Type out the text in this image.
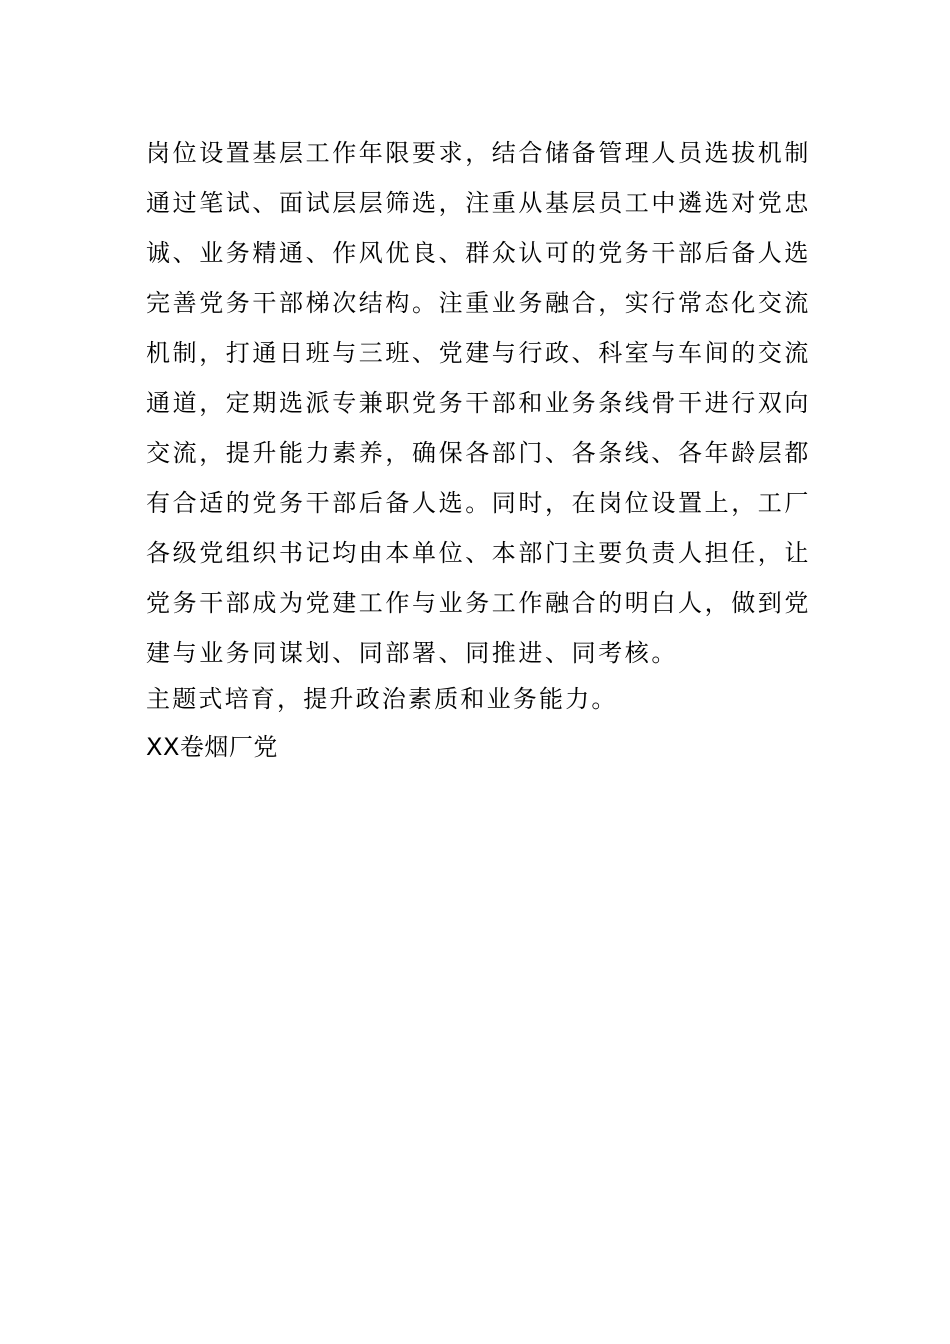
岗位设置基层工作年限要求，结合储备管理人员选拔机制
通过笔试、面试层层筛选，注重从基层员工中遴选对党忠
诚、业务精通、作风优良、群众认可的党务干部后备人选
完善党务干部梯次结构。注重业务融合，实行常态化交流
机制，打通日班与三班、党建与行政、科室与车间的交流
通道，定期选派专兼职党务干部和业务条线骨干进行双向
交流，提升能力素养，确保各部门、各条线、各年龄层都
有合适的党务干部后备人选。同时，在岗位设置上，工厂
各级党组织书记均由本单位、本部门主要负责人担任，让
党务干部成为党建工作与业务工作融合的明白人，做到党
建与业务同谋划、同部署、同推进、同考核。
主题式培育，提升政治素质和业务能力。
XX卷烟厂党
